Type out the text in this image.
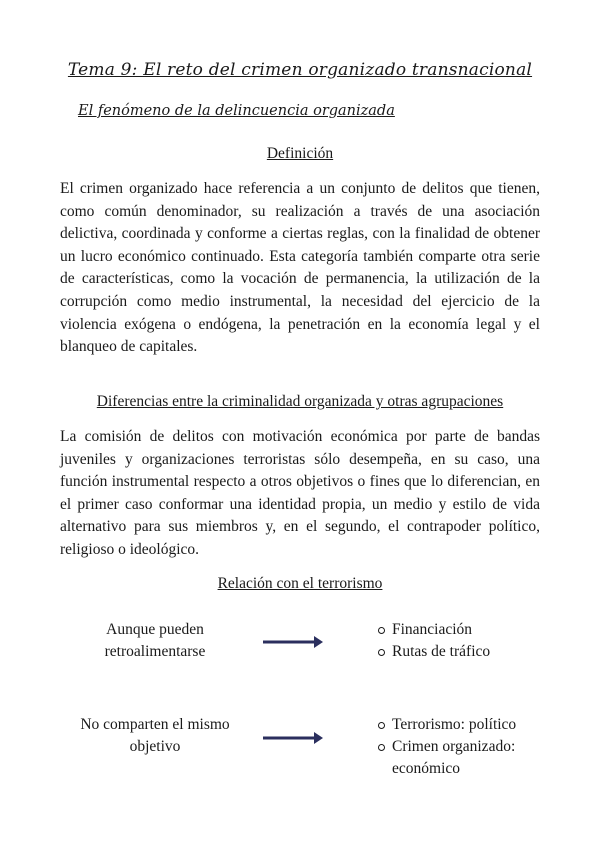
Tema 9: El reto del crimen organizado transnacional
El fenómeno de la delincuencia organizada
Definición
El crimen organizado hace referencia a un conjunto de delitos que tienen, como común denominador, su realización a través de una asociación delictiva, coordinada y conforme a ciertas reglas, con la finalidad de obtener un lucro económico continuado. Esta categoría también comparte otra serie de características, como la vocación de permanencia, la utilización de la corrupción como medio instrumental, la necesidad del ejercicio de la violencia exógena o endógena, la penetración en la economía legal y el blanqueo de capitales.
Diferencias entre la criminalidad organizada y otras agrupaciones
La comisión de delitos con motivación económica por parte de bandas juveniles y organizaciones terroristas sólo desempeña, en su caso, una función instrumental respecto a otros objetivos o fines que lo diferencian, en el primer caso conformar una identidad propia, un medio y estilo de vida alternativo para sus miembros y, en el segundo, el contrapoder político, religioso o ideológico.
Relación con el terrorismo
Aunque pueden retroalimentarse
Financiación
Rutas de tráfico
No comparten el mismo objetivo
Terrorismo: político
Crimen organizado: económico
